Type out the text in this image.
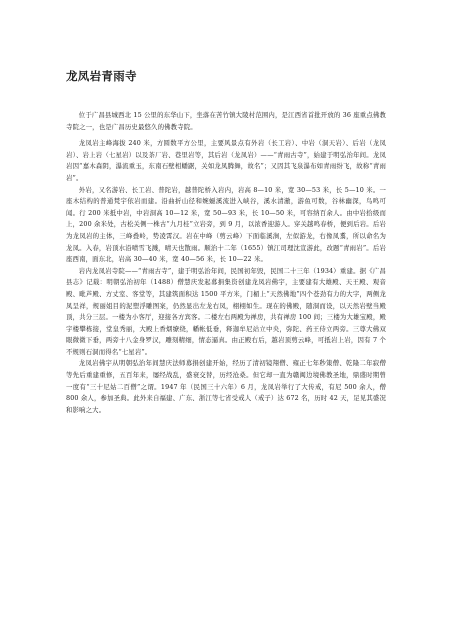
龙凤岩青雨寺

位于广昌县城西北 15 公里的东华山下，坐落在苦竹镇大陵村范围内，是江西省首批开放的 36 座重点佛教寺院之一，也是广昌历史最悠久的佛教寺院。

龙凤岩主峰海拔 240 米，方圆数平方公里，主要风景点有外岩（长工岩）、中岩（洞天岩）、后岩（龙凤岩）、岩上岩（七星岩）以及茶厂岩、巷里岩等，其后岩（龙凤岩）——“青雨古寺”，始建于明弘治年间。龙凤岩因“嘉木森阴，瀑流重玉，东南石壁相蟠踞，关如龙凤腾舞，故名”；又因其飞泉瀑布如青雨纷飞，故称“青雨岩”。

外岩，又名游岩、长工岩、普陀岩，越普陀桥入岩内，岩高 8—10 米，宽 30—53 米，长 5—10 米。一座木结构的普通梵宇依岩而建。沿曲折山径和婉蜒溪流进入峡谷，溪水清澈，游鱼可数，谷林幽深，鸟鸣可闻。行 200 米抵中岩，中岩洞高 10—12 米，宽 50—93 米，长 10—50 米，可容纳百余人。由中岩拾级而上，200 余米处，古松关侧一株古“九月桂”立岩旁，到 9 月，以浓香迎游人。穿关越鸣春桥，便到后岩。后岩为龙凤岩的主体，三峰叠岭，势凌霄汉。岩在中峰（剪云峰）下面临溪涧，左似游龙，右像凤翥，所以命名为龙凤。入春，岩顶水沿喷雪飞溅，晴天也散雨。顺治十二年（1655）镇江司理沈宣游此，改题“青雨岩”。后岩座西南，面东北，岩高 30—40 米，宽 40—56 米，长 10—22 米。

岩内龙凤岩寺院——“青雨古寺”，建于明弘治年间，民国初年毁，民国二十三年（1934）重建。据《广昌县志》记载：明朝弘治初年（1488）僧慧庆发起募捐集资创建龙凤岩佛宇，主要建有大雄殿、天王殿、观音殿、毗芦殿、方丈室、客堂等，其建筑面积达 1500 平方米，门楣上“天然佛地”四个苍劲有力的大字，两侧龙凤呈祥，规丽姐目的泥塑浮雕图案，仍然显出左龙右凤，栩栩如生。现在的佛殿，随洞而设，以天然岩壁当殿顶，共分三层。一楼为小客厅，迎接各方宾客。二楼左右两殿为禅房，共有禅房 100 间；三楼为大雄宝殿，殿宇楼攀栋接，堂皇秀丽，大殿上香烟缭绕，幡帐低垂，释迦牟尼站立中央，弥陀、药王侍立两旁。三尊大佛双眼微微下垂，两旁十八金身罗汉，雕刻精细，情态逼真。由正殿右后，越岩顶剪云峰，可抵岩上岩，因有 7 个不规则石洞而得名“七星岩”。

龙凤岩佛宇从明朝弘治年间慧庆法师募捐创建开始，经历了清初镜翔僧、雍正七年秒策僧、乾隆二年寂僧等先后重建重修，五百年来，屡经战乱，盛衰交替，历经沧桑。但它却一直为赣闽边境佛教圣地，鼎盛时期曾一度有“三十尼姑二百僧”之谓。1947 年（民国三十六年）6 月，龙凤岩举行了大传戒，有尼 500 余人，僧 800 余人，参加圣典。此外来自福建、广东、浙江等七省受戒人（戒子）达 672 名，历时 42 天，足见其盛况和影响之大。
